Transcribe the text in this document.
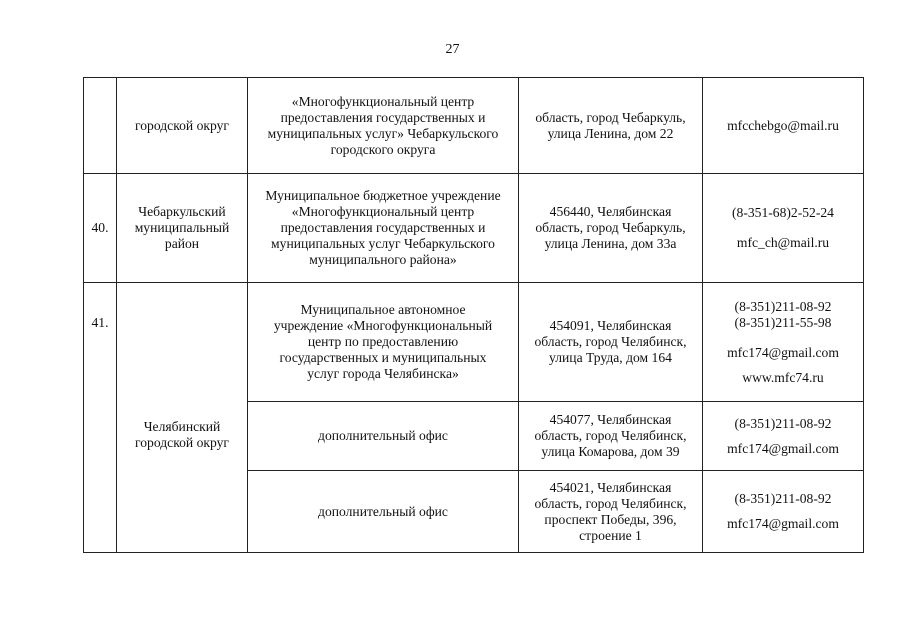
27
	городской округ	«Многофункциональный центр
предоставления государственных и
муниципальных услуг» Чебаркульского
городского округа	область, город Чебаркуль,
улица Ленина, дом 22	mfcchebgo@mail.ru

40.	Чебаркульский
муниципальный
район	Муниципальное бюджетное учреждение
«Многофункциональный центр
предоставления государственных и
муниципальных услуг Чебаркульского
муниципального района»	456440, Челябинская
область, город Чебаркуль,
улица Ленина, дом 33а	(8-351-68)2-52-24
mfc_ch@mail.ru

41.	Челябинский
городской округ	Муниципальное автономное
учреждение «Многофункциональный
центр по предоставлению
государственных и муниципальных
услуг города Челябинска»	454091, Челябинская
область, город Челябинск,
улица Труда, дом 164	(8-351)211-08-92
(8-351)211-55-98
mfc174@gmail.com
www.mfc74.ru

		дополнительный офис	454077, Челябинская
область, город Челябинск,
улица Комарова, дом 39	(8-351)211-08-92
mfc174@gmail.com

		дополнительный офис	454021, Челябинская
область, город Челябинск,
проспект Победы, 396,
строение 1	(8-351)211-08-92
mfc174@gmail.com
